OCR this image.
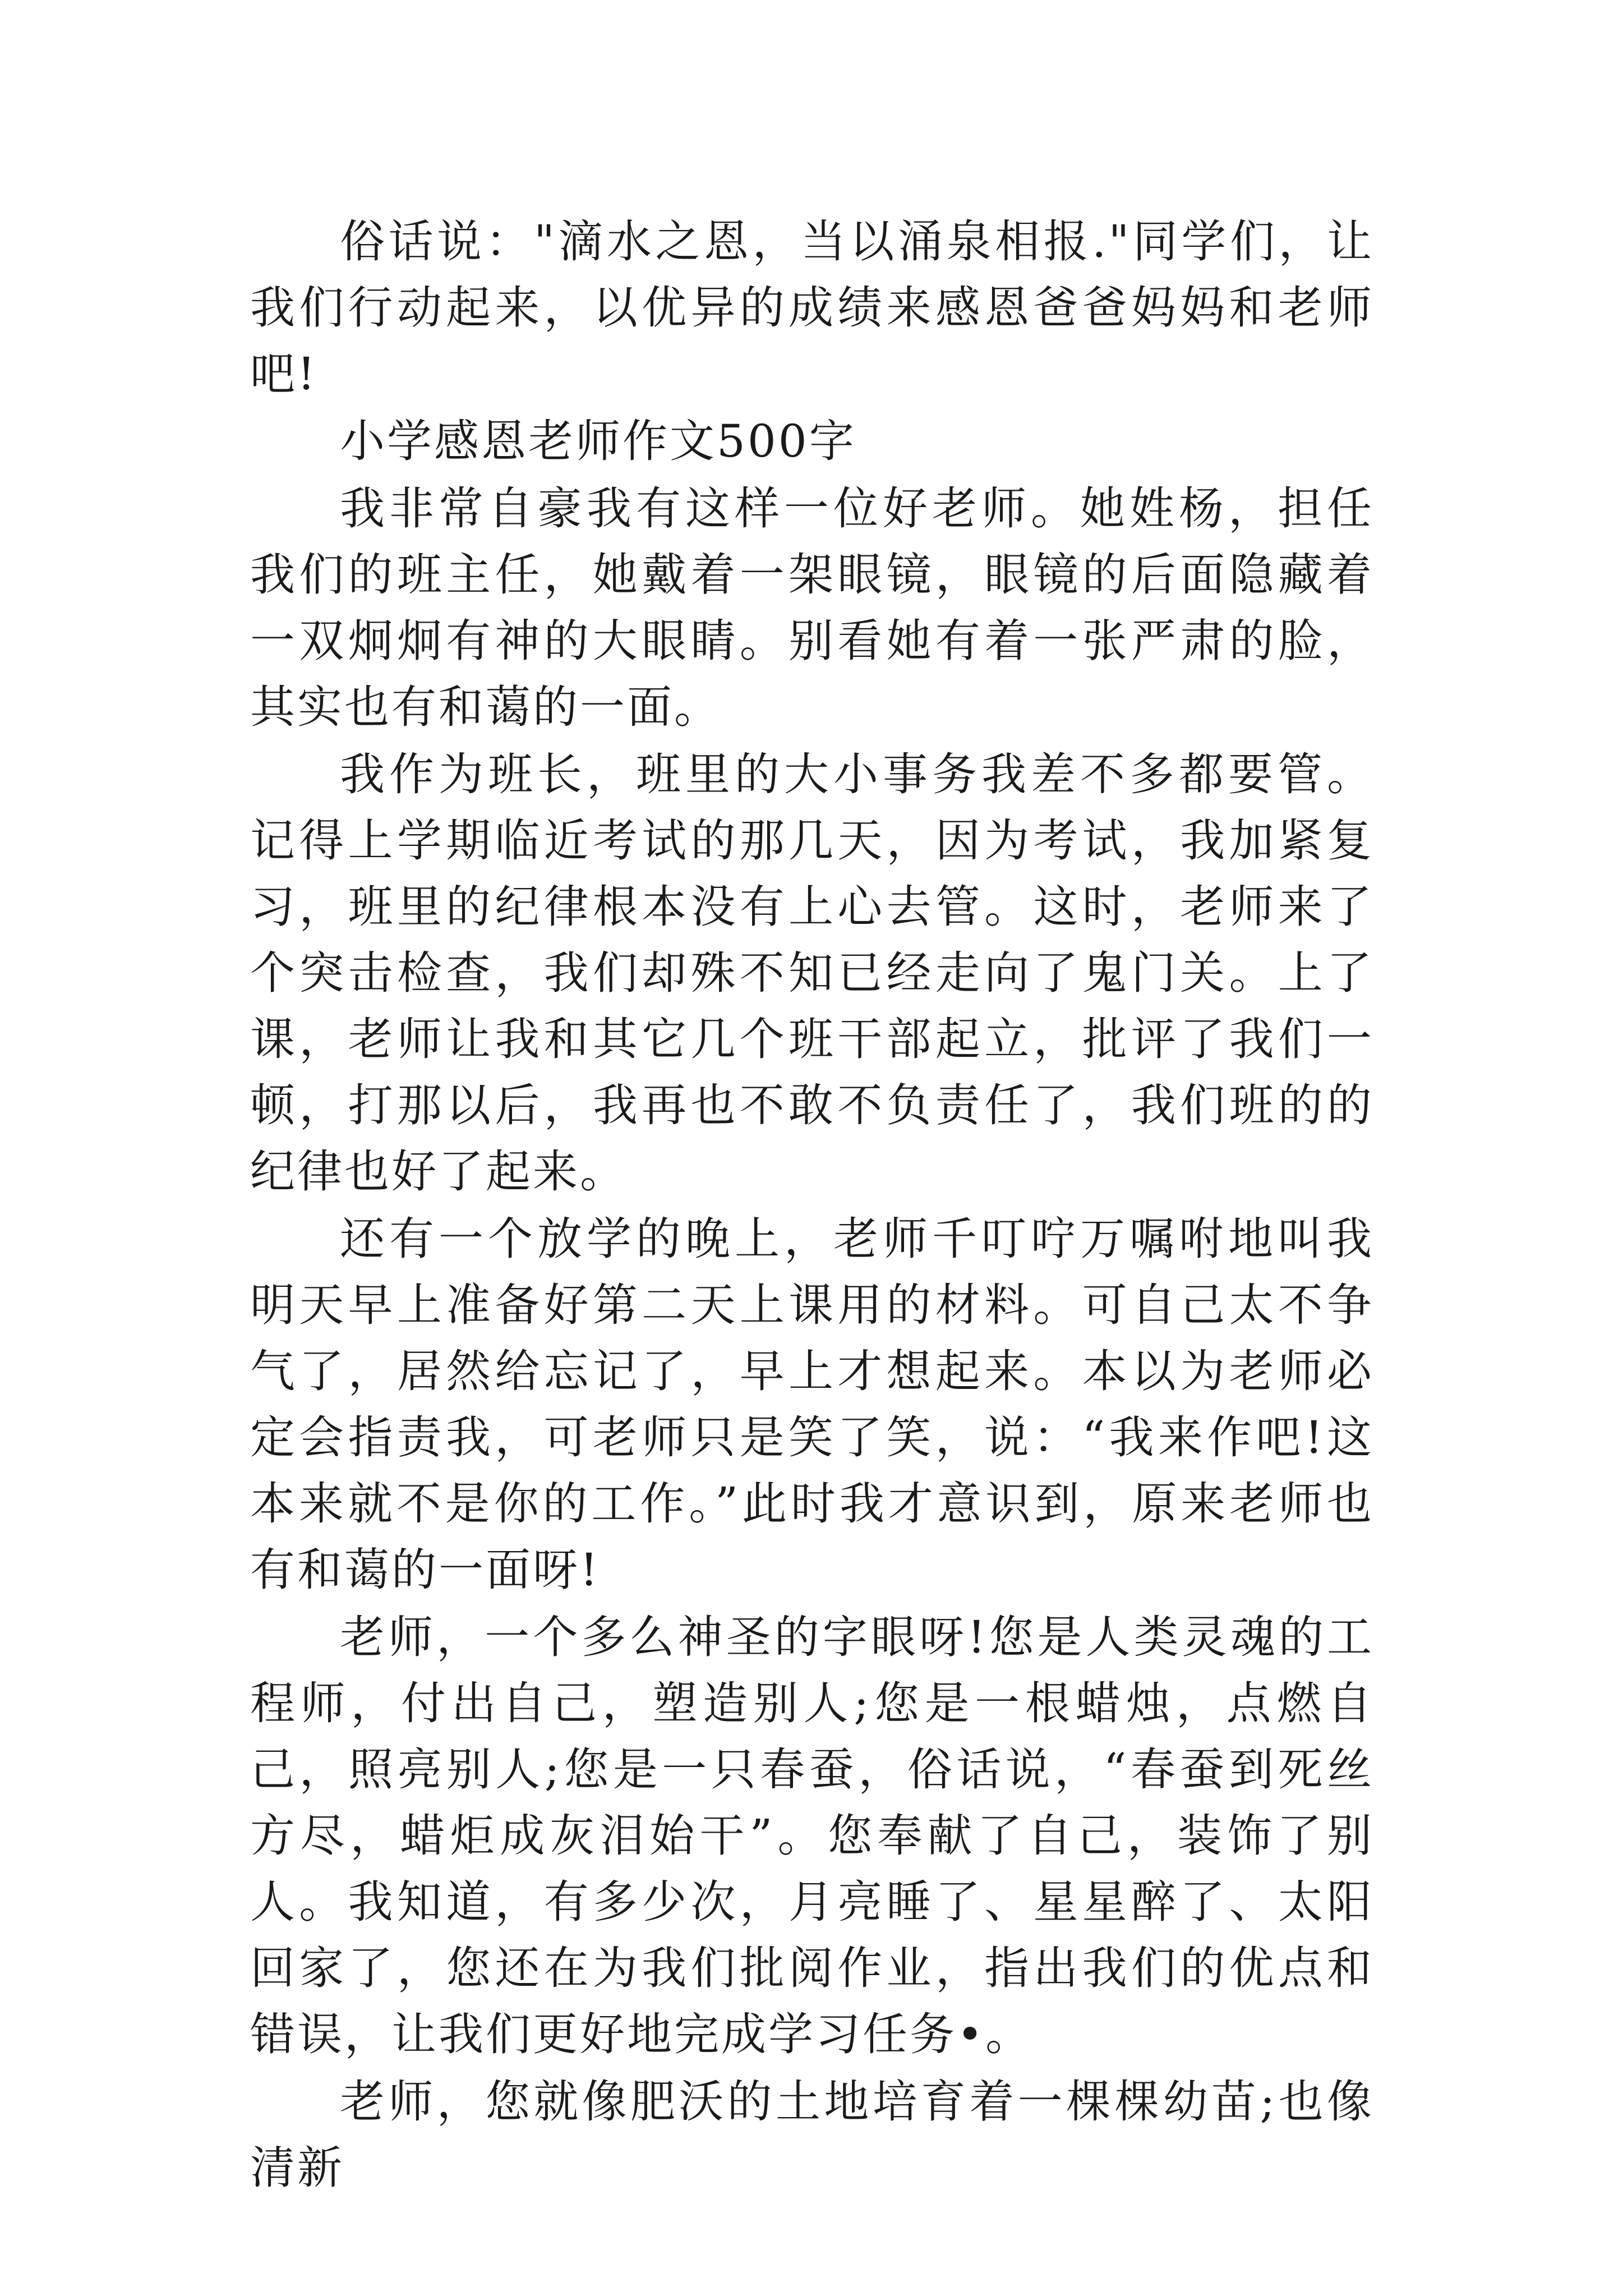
俗话说："滴水之恩，当以涌泉相报."同学们，让我们行动起来，以优异的成绩来感恩爸爸妈妈和老师吧!

小学感恩老师作文500字

我非常自豪我有这样一位好老师。她姓杨，担任我们的班主任，她戴着一架眼镜，眼镜的后面隐藏着一双炯炯有神的大眼睛。别看她有着一张严肃的脸，其实也有和蔼的一面。

我作为班长，班里的大小事务我差不多都要管。记得上学期临近考试的那几天，因为考试，我加紧复习，班里的纪律根本没有上心去管。这时，老师来了个突击检查，我们却殊不知已经走向了鬼门关。上了课，老师让我和其它几个班干部起立，批评了我们一顿，打那以后，我再也不敢不负责任了，我们班的的纪律也好了起来。

还有一个放学的晚上，老师千叮咛万嘱咐地叫我明天早上准备好第二天上课用的材料。可自己太不争气了，居然给忘记了，早上才想起来。本以为老师必定会指责我，可老师只是笑了笑，说：“我来作吧!这本来就不是你的工作。”此时我才意识到，原来老师也有和蔼的一面呀!

老师，一个多么神圣的字眼呀!您是人类灵魂的工程师，付出自己，塑造别人;您是一根蜡烛，点燃自己，照亮别人;您是一只春蚕，俗话说，“春蚕到死丝方尽，蜡炬成灰泪始干”。您奉献了自己，装饰了别人。我知道，有多少次，月亮睡了、星星醉了、太阳回家了，您还在为我们批阅作业，指出我们的优点和错误，让我们更好地完成学习任务•。

老师，您就像肥沃的土地培育着一棵棵幼苗;也像清新
